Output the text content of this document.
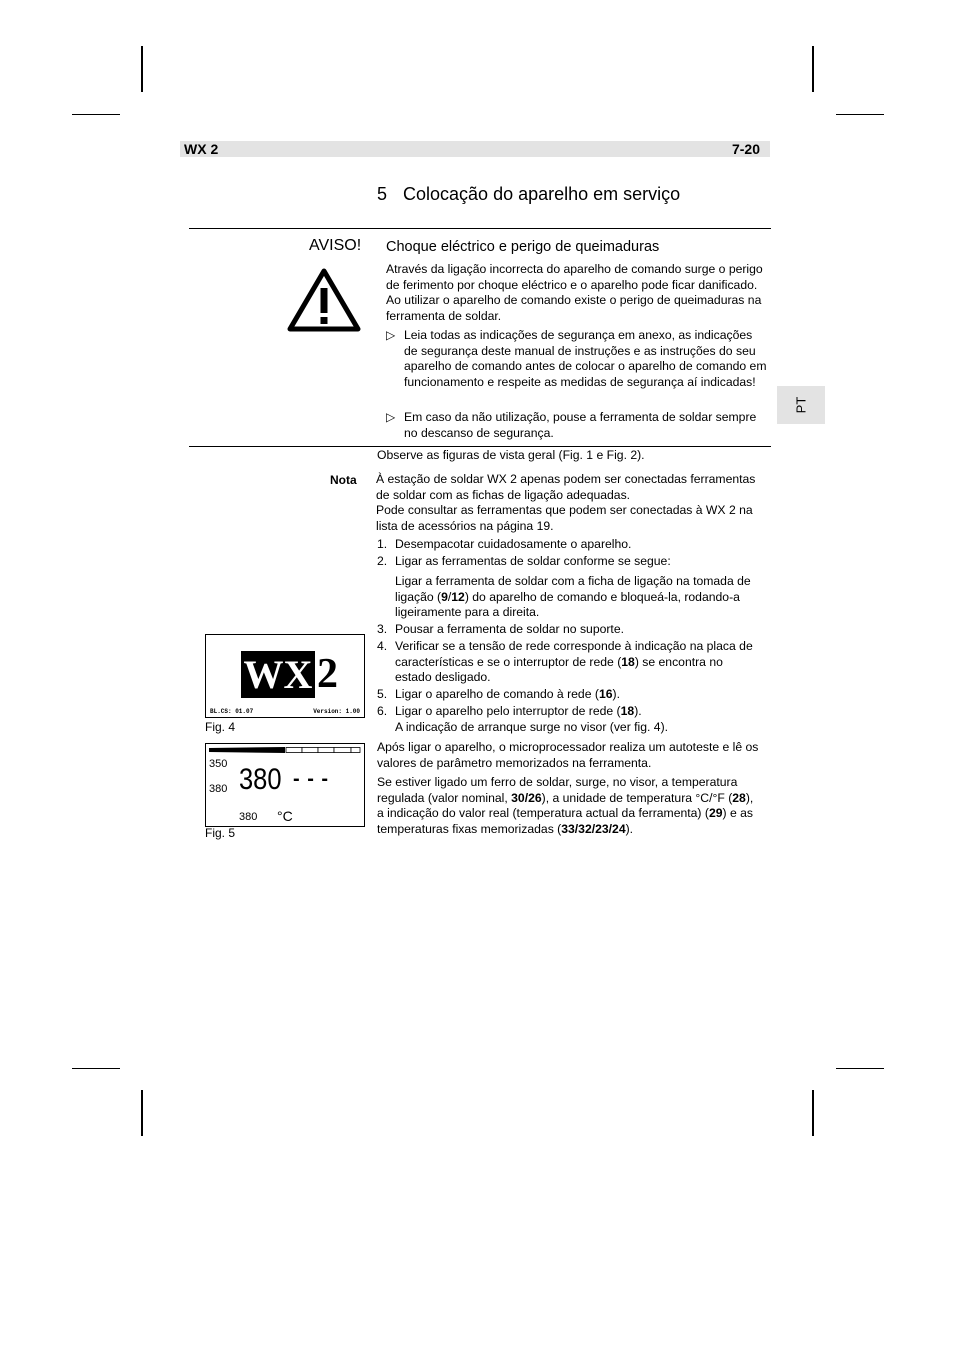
WX 2	7-20
5 Colocação do aparelho em serviço
AVISO! Choque eléctrico e perigo de queimaduras
Através da ligação incorrecta do aparelho de comando surge o perigo de ferimento por choque eléctrico e o aparelho pode ficar danificado. Ao utilizar o aparelho de comando existe o perigo de queimaduras na ferramenta de soldar.
▷ Leia todas as indicações de segurança em anexo, as indicações de segurança deste manual de instruções e as instruções do seu aparelho de comando antes de colocar o aparelho de comando em funcionamento e respeite as medidas de segurança aí indicadas!
▷ Em caso da não utilização, pouse a ferramenta de soldar sempre no descanso de segurança.
PT
Observe as figuras de vista geral (Fig. 1 e Fig. 2).
Nota À estação de soldar WX 2 apenas podem ser conectadas ferramentas de soldar com as fichas de ligação adequadas.
Pode consultar as ferramentas que podem ser conectadas à WX 2 na lista de acessórios na página 19.
1. Desempacotar cuidadosamente o aparelho.
2. Ligar as ferramentas de soldar conforme se segue:
Ligar a ferramenta de soldar com a ficha de ligação na tomada de ligação (9/12) do aparelho de comando e bloqueá-la, rodando-a ligeiramente para a direita.
3. Pousar a ferramenta de soldar no suporte.
4. Verificar se a tensão de rede corresponde à indicação na placa de características e se o interruptor de rede (18) se encontra no estado desligado.
5. Ligar o aparelho de comando à rede (16).
6. Ligar o aparelho pelo interruptor de rede (18).
A indicação de arranque surge no visor (ver fig. 4).
Após ligar o aparelho, o microprocessador realiza um autoteste e lê os valores de parâmetro memorizados na ferramenta.
Se estiver ligado um ferro de soldar, surge, no visor, a temperatura regulada (valor nominal, 30/26), a unidade de temperatura °C/°F (28), a indicação do valor real (temperatura actual da ferramenta) (29) e as temperaturas fixas memorizadas (33/32/23/24).
WX 2
BL.CS: 01.07	Version: 1.00
Fig. 4
350
380 380 - - -
380 °C
Fig. 5
